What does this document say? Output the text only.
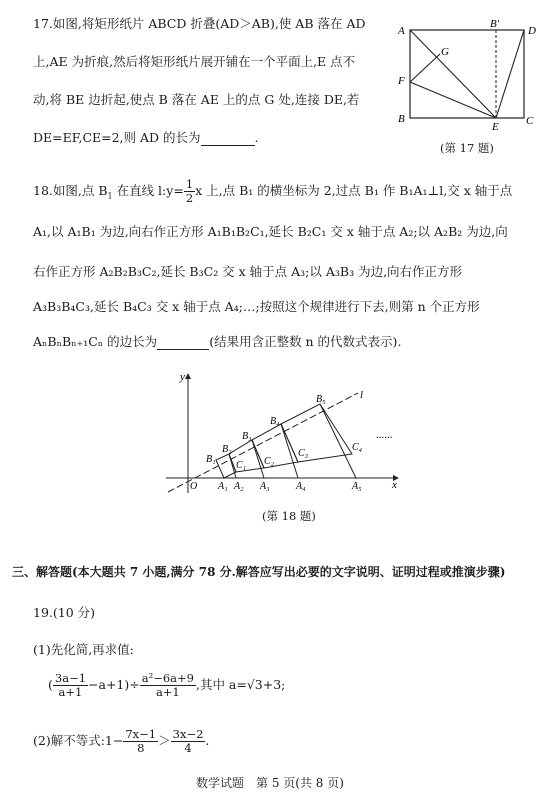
17.如图,将矩形纸片 ABCD 折叠(AD＞AB),使 AB 落在 AD
上,AE 为折痕,然后将矩形纸片展开铺在一个平面上,E 点不
动,将 BE 边折起,使点 B 落在 AE 上的点 G 处,连接 DE,若
DE=EF,CE=2,则 AD 的长为	.
A
B′
D
G
F
B
E C
(第 17 题)
18.如图,点 $B_1$ 在直线 l:y= $\frac{1}{2}$ x 上,点 B₁ 的横坐标为 2,过点 B₁ 作 B₁A₁⊥l,交 x 轴于点
A₁,以 A₁B₁ 为边,向右作正方形 A₁B₁B₂C₁,延长 B₂C₁ 交 x 轴于点 A₂;以 A₂B₂ 为边,向
右作正方形 A₂B₂B₃C₂,延长 B₃C₂ 交 x 轴于点 A₃;以 A₃B₃ 为边,向右作正方形
A₃B₃B₄C₃,延长 B₄C₃ 交 x 轴于点 A₄;…;按照这个规律进行下去,则第 n 个正方形
AₙBₙBₙ₊₁Cₙ 的边长为	(结果用含正整数 n 的代数式表示).
y
x
O
l
......
A₁ A₂ A₃	A₄	A₅
B₁
B₂
B₃
B₄
B₅
C₁ C₂
C₃
C₄
(第 18 题)
三、解答题(本大题共 7 小题,满分 78 分.解答应写出必要的文字说明、证明过程或推演步骤)
19.(10 分)
(1)先化简,再求值:
( $\frac{3a-1}{a+1} -a+1)\div \frac{\text{a²−6a+9}}{a+1}$ ,其中 a=√3+3;
(2)解不等式:1− $\frac{7x-1}{8} > \frac{3x-2}{4}$ .
数学试题　第 5 页(共 8 页)
